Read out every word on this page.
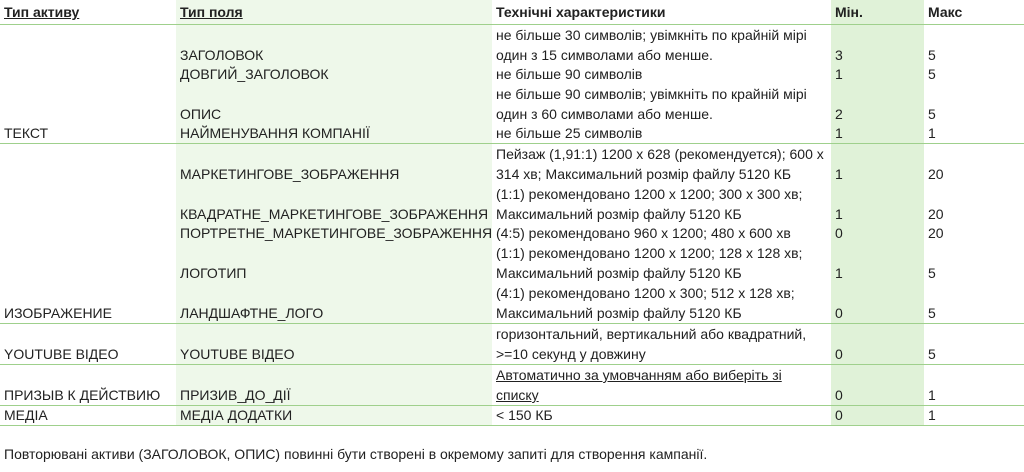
Тип активу	Тип поля	Технічні характеристики	Мін.	Макс
	ЗАГОЛОВОК	не більше 30 символів; увімкніть по крайній мірі один з 15 символами або менше.	3	5
	ДОВГИЙ_ЗАГОЛОВОК	не більше 90 символів	1	5
	ОПИС	не більше 90 символів; увімкніть по крайній мірі один з 60 символами або менше.	2	5
ТЕКСТ	НАЙМЕНУВАННЯ КОМПАНІЇ	не більше 25 символів	1	1
	МАРКЕТИНГОВЕ_ЗОБРАЖЕННЯ	Пейзаж (1,91:1) 1200 x 628 (рекомендуется); 600 x 314 хв; Максимальний розмір файлу 5120 КБ	1	20
	КВАДРАТНЕ_МАРКЕТИНГОВЕ_ЗОБРАЖЕННЯ	(1:1) рекомендовано 1200 x 1200; 300 x 300 хв; Максимальний розмір файлу 5120 КБ	1	20
	ПОРТРЕТНЕ_МАРКЕТИНГОВЕ_ЗОБРАЖЕННЯ	(4:5) рекомендовано 960 x 1200; 480 x 600 хв	0	20
	ЛОГОТИП	(1:1) рекомендовано 1200 x 1200; 128 x 128 хв; Максимальний розмір файлу 5120 КБ	1	5
ИЗОБРАЖЕНИЕ	ЛАНДШАФТНЕ_ЛОГО	(4:1) рекомендовано 1200 x 300; 512 x 128 хв; Максимальний розмір файлу 5120 КБ	0	5
YOUTUBE ВІДЕО	YOUTUBE ВІДЕО	горизонтальний, вертикальний або квадратний, >=10 секунд у довжину	0	5
ПРИЗЫВ К ДЕЙСТВИЮ	ПРИЗИВ_ДО_ДІЇ	Автоматично за умовчанням або виберіть зі списку	0	1
МЕДІА	МЕДІА ДОДАТКИ	< 150 КБ	0	1
Повторювані активи (ЗАГОЛОВОК, ОПИС) повинні бути створені в окремому запиті для створення кампанії.
